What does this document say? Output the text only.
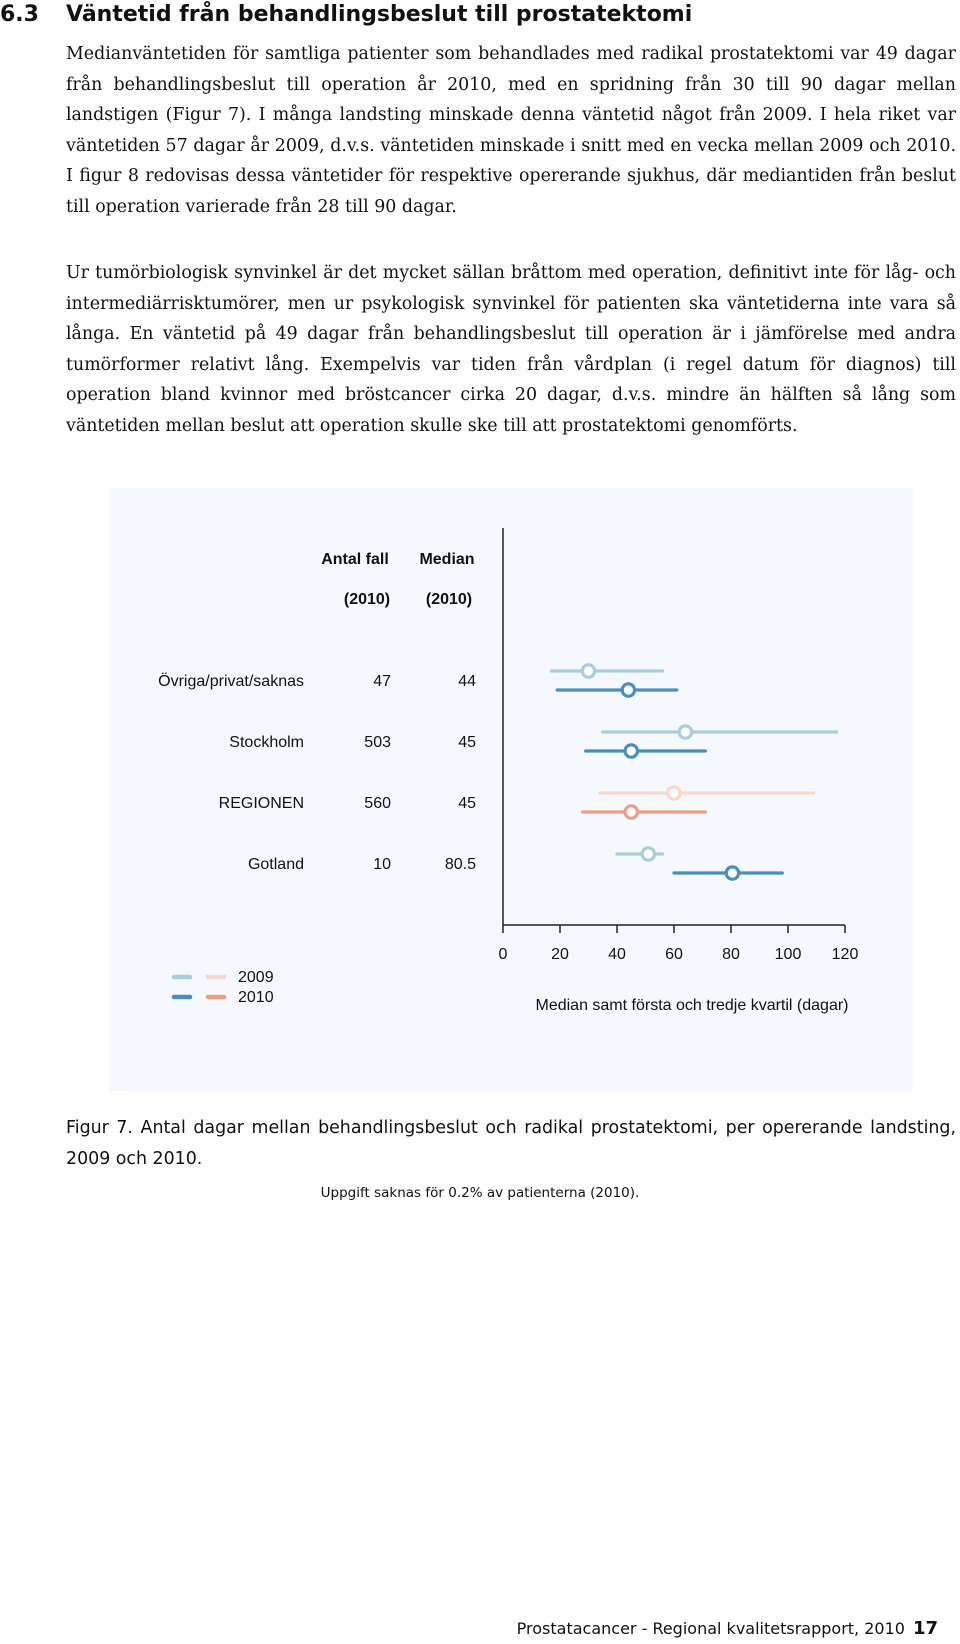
6.3 Väntetid från behandlingsbeslut till prostatektomi

Medianväntetiden för samtliga patienter som behandlades med radikal prostatektomi var 49 dagar från behandlingsbeslut till operation år 2010, med en spridning från 30 till 90 dagar mellan landstigen (Figur 7). I många landsting minskade denna väntetid något från 2009. I hela riket var väntetiden 57 dagar år 2009, d.v.s. väntetiden minskade i snitt med en vecka mellan 2009 och 2010. I figur 8 redovisas dessa väntetider för respektive opererande sjukhus, där mediantiden från beslut till operation varierade från 28 till 90 dagar.

Ur tumörbiologisk synvinkel är det mycket sällan bråttom med operation, definitivt inte för låg- och intermediärrisktumörer, men ur psykologisk synvinkel för patienten ska väntetiderna inte vara så långa. En väntetid på 49 dagar från behandlingsbeslut till operation är i jämförelse med andra tumörformer relativt lång. Exempelvis var tiden från vårdplan (i regel datum för diagnos) till operation bland kvinnor med bröstcancer cirka 20 dagar, d.v.s. mindre än hälften så lång som väntetiden mellan beslut att operation skulle ske till att prostatektomi genomförts.

Antal fall
(2010)
Median
(2010)
Övriga/privat/saknas	47	44
Stockholm	503	45
REGIONEN	560	45
Gotland	10	80.5
0	20 40 60 80 100 120
Median samt första och tredje kvartil (dagar)
2009
2010

Figur 7. Antal dagar mellan behandlingsbeslut och radikal prostatektomi, per opererande landsting, 2009 och 2010.

Uppgift saknas för 0.2% av patienterna (2010).
Prostatacancer - Regional kvalitetsrapport, 2010 17
